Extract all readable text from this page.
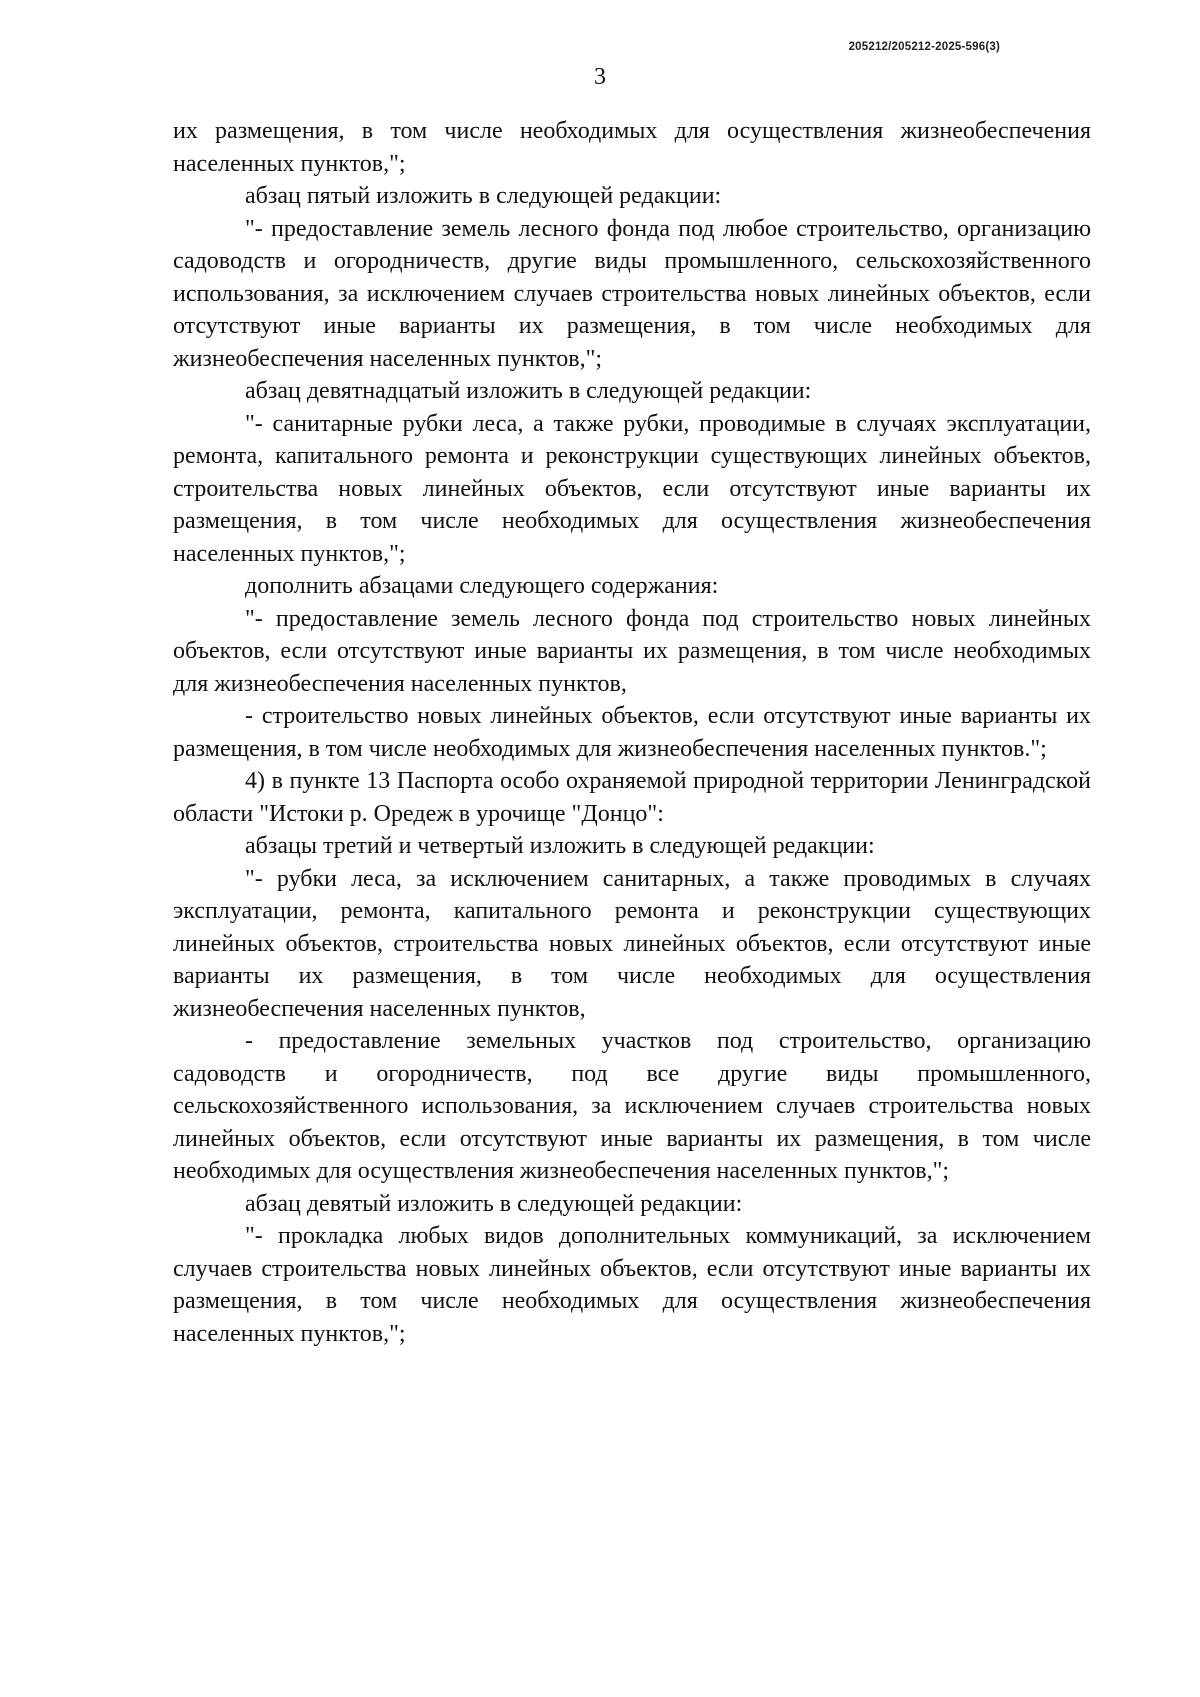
205212/205212-2025-596(3)
3

их размещения, в том числе необходимых для осуществления жизнеобеспечения населенных пунктов,";

абзац пятый изложить в следующей редакции:

"- предоставление земель лесного фонда под любое строительство, организацию садоводств и огородничеств, другие виды промышленного, сельскохозяйственного использования, за исключением случаев строительства новых линейных объектов, если отсутствуют иные варианты их размещения, в том числе необходимых для жизнеобеспечения населенных пунктов,";

абзац девятнадцатый изложить в следующей редакции:

"- санитарные рубки леса, а также рубки, проводимые в случаях эксплуатации, ремонта, капитального ремонта и реконструкции существующих линейных объектов, строительства новых линейных объектов, если отсутствуют иные варианты их размещения, в том числе необходимых для осуществления жизнеобеспечения населенных пунктов,";

дополнить абзацами следующего содержания:

"- предоставление земель лесного фонда под строительство новых линейных объектов, если отсутствуют иные варианты их размещения, в том числе необходимых для жизнеобеспечения населенных пунктов,

- строительство новых линейных объектов, если отсутствуют иные варианты их размещения, в том числе необходимых для жизнеобеспечения населенных пунктов.";

4) в пункте 13 Паспорта особо охраняемой природной территории Ленинградской области "Истоки р. Оредеж в урочище "Донцо":

абзацы третий и четвертый изложить в следующей редакции:

"- рубки леса, за исключением санитарных, а также проводимых в случаях эксплуатации, ремонта, капитального ремонта и реконструкции существующих линейных объектов, строительства новых линейных объектов, если отсутствуют иные варианты их размещения, в том числе необходимых для осуществления жизнеобеспечения населенных пунктов,

- предоставление земельных участков под строительство, организацию садоводств и огородничеств, под все другие виды промышленного, сельскохозяйственного использования, за исключением случаев строительства новых линейных объектов, если отсутствуют иные варианты их размещения, в том числе необходимых для осуществления жизнеобеспечения населенных пунктов,";

абзац девятый изложить в следующей редакции:

"- прокладка любых видов дополнительных коммуникаций, за исключением случаев строительства новых линейных объектов, если отсутствуют иные варианты их размещения, в том числе необходимых для осуществления жизнеобеспечения населенных пунктов,";
